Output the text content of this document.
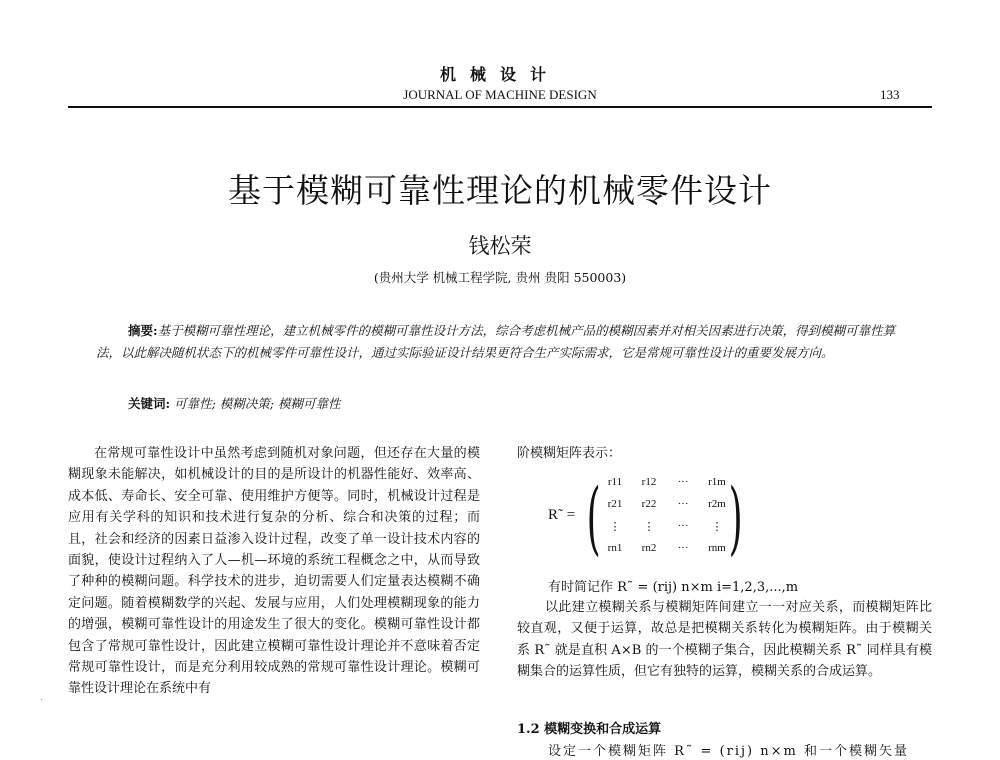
机械设计
JOURNAL OF MACHINE DESIGN	133
基于模糊可靠性理论的机械零件设计
钱松荣
(贵州大学 机械工程学院, 贵州 贵阳 550003)
摘要:基于模糊可靠性理论，建立机械零件的模糊可靠性设计方法，综合考虑机械产品的模糊因素并对相关因素进行决策，得到模糊可靠性算法，以此解决随机状态下的机械零件可靠性设计，通过实际验证设计结果更符合生产实际需求，它是常规可靠性设计的重要发展方向。
关键词: 可靠性; 模糊决策; 模糊可靠性
在常规可靠性设计中虽然考虑到随机对象问题，但还存在大量的模糊现象未能解决，如机械设计的目的是所设计的机器性能好、效率高、成本低、寿命长、安全可靠、使用维护方便等。同时，机械设计过程是应用有关学科的知识和技术进行复杂的分析、综合和决策的过程；而且，社会和经济的因素日益渗入设计过程，改变了单一设计技术内容的面貌，使设计过程纳入了人—机—环境的系统工程概念之中，从而导致了种种的模糊问题。科学技术的进步，迫切需要人们定量表达模糊不确定问题。随着模糊数学的兴起、发展与应用，人们处理模糊现象的能力的增强，模糊可靠性设计的用途发生了很大的变化。模糊可靠性设计都包含了常规可靠性设计，因此建立模糊可靠性设计理论并不意味着否定常规可靠性设计，而是充分利用较成熟的常规可靠性设计理论。模糊可靠性设计理论在系统中有
阶模糊矩阵表示：
R˜ = ( )
r11	r12	···	r1m
r21	r22	···	r2m
⋮	⋮	···	⋮
rn1	rn2	···	rnm
有时简记作 R˜ = (rij) n×m i=1,2,3,...,m
以此建立模糊关系与模糊矩阵间建立一一对应关系，而模糊矩阵比较直观，又便于运算，故总是把模糊关系转化为模糊矩阵。由于模糊关系 R˜ 就是直积 A×B 的一个模糊子集合，因此模糊关系 R˜ 同样具有模糊集合的运算性质，但它有独特的运算，模糊关系的合成运算。
1.2 模糊变换和合成运算
设定一个模糊矩阵 R˜ = (rij) n×m 和一个模糊矢量
·
